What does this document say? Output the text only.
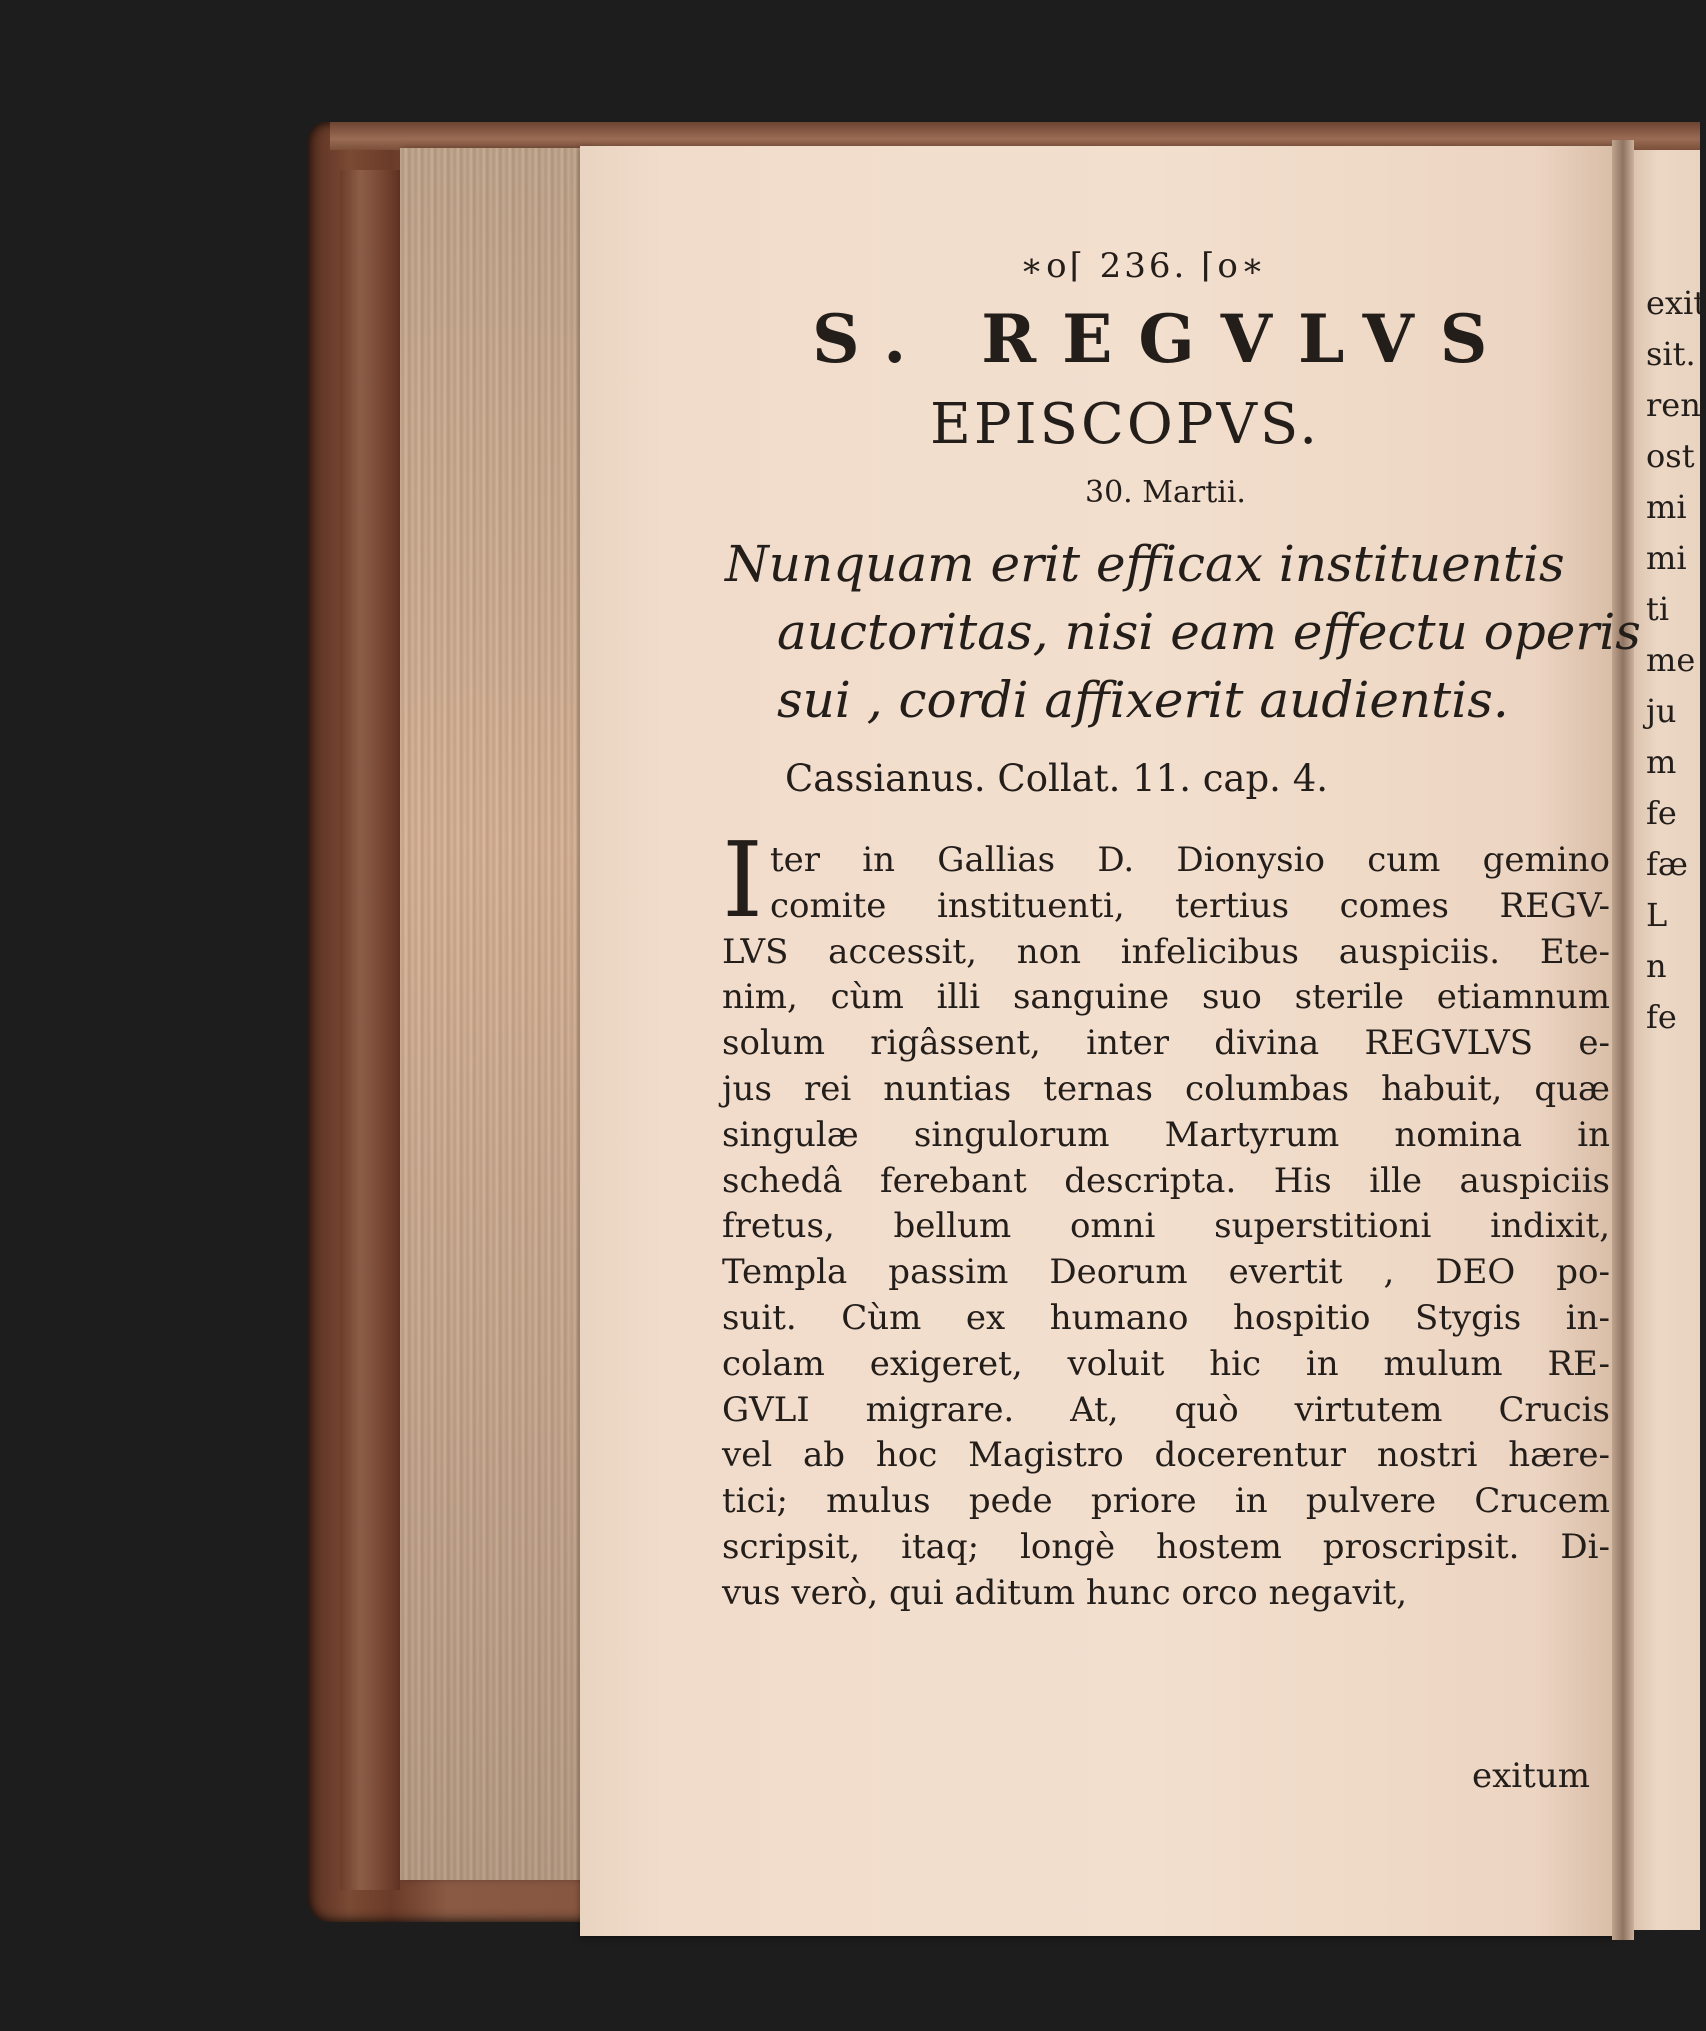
exit
sit.
ren
ost
mi
mi
ti
me
ju
m
fe
fæ
L
n
fe
∗o⌈ 236. ⌈o∗
S. REGVLVS
EPISCOPVS.
30. Martii.
Nunquam erit efficax instituentis
auctoritas, nisi eam effectu operis
sui , cordi affixerit audientis.
Cassianus. Collat. 11. cap. 4.
I ter in Gallias D. Dionysio cum gemino
comite instituenti, tertius comes REGV-
LVS accessit, non infelicibus auspiciis. Ete-
nim, cùm illi sanguine suo sterile etiamnum
solum rigâssent, inter divina REGVLVS e-
jus rei nuntias ternas columbas habuit, quæ
singulæ singulorum Martyrum nomina in
schedâ ferebant descripta. His ille auspiciis
fretus, bellum omni superstitioni indixit,
Templa passim Deorum evertit , DEO po-
suit. Cùm ex humano hospitio Stygis in-
colam exigeret, voluit hic in mulum RE-
GVLI migrare. At, quò virtutem Crucis
vel ab hoc Magistro docerentur nostri hære-
tici; mulus pede priore in pulvere Crucem
scripsit, itaq; longè hostem proscripsit. Di-
vus verò, qui aditum hunc orco negavit,
exitum
